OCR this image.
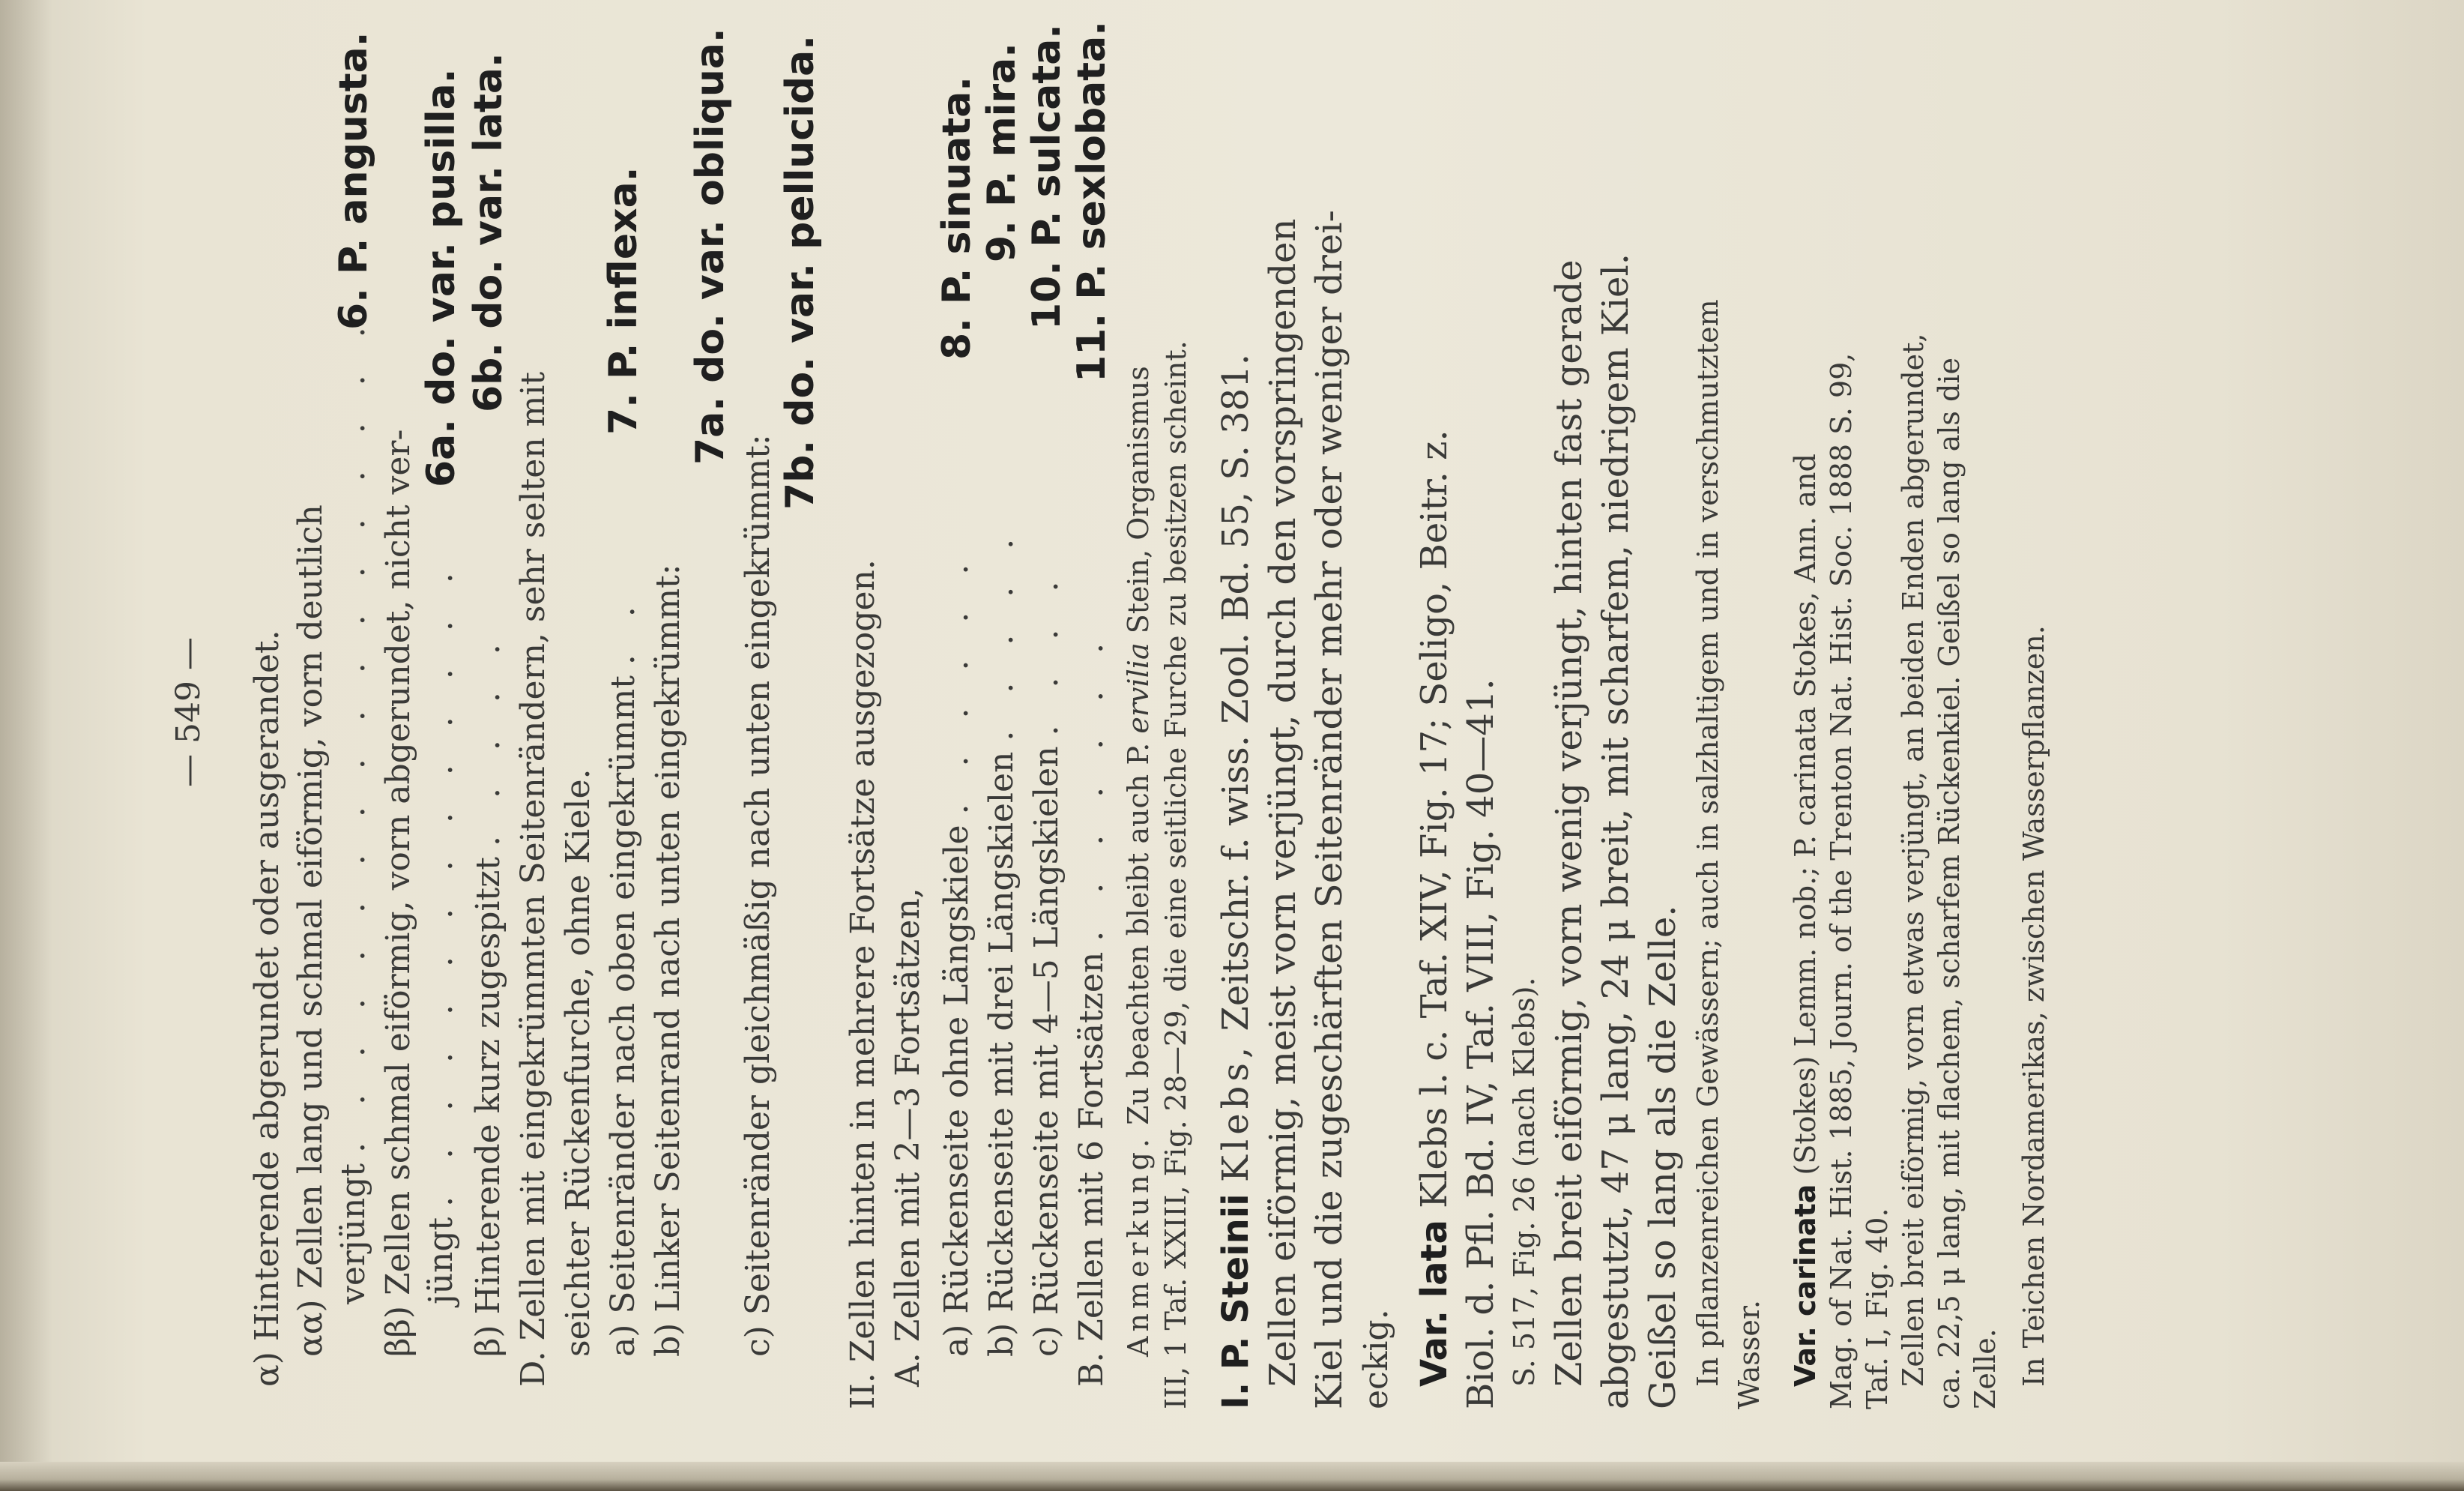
— 549 — α) Hinterende abgerundet oder ausgerandet. αα) Zellen lang und schmal eiförmig, vorn deutlich verjüngt . . . . . . . . . . . . . . . . . .
6. P. angusta.
ββ) Zellen schmal eiförmig, vorn abgerundet, nicht ver- jüngt . . . . . . . . . . . . . .
6a. do. var. pusilla.
β) Hinterende kurz zugespitzt . . . . .
6b. do. var. lata.
D. Zellen mit eingekrümmten Seitenrändern, sehr selten mit seichter Rückenfurche, ohne Kiele. a) Seitenränder nach oben eingekrümmt . .
7. P. inflexa.
b) Linker Seitenrand nach unten eingekrümmt:
7a. do. var. obliqua.
c) Seitenränder gleichmäßig nach unten eingekrümmt:
7b. do. var. pellucida.
II. Zellen hinten in mehrere Fortsätze ausgezogen. A. Zellen mit 2—3 Fortsätzen, a) Rückenseite ohne Längskiele . . . . . .
8. P. sinuata.
b) Rückenseite mit drei Längskielen . . . . .
9. P. mira.
c) Rückenseite mit 4—5 Längskielen . . . .
10. P. sulcata.
B. Zellen mit 6 Fortsätzen . . . . . . .
11. P. sexlobata.
Anmerkung. Zu beachten bleibt auch P. ervilia Stein, Organismus III, 1 Taf. XXIII, Fig. 28—29, die eine seitliche Furche zu besitzen scheint. I. P. Steinii Klebs, Zeitschr. f. wiss. Zool. Bd. 55, S. 381. Zellen eiförmig, meist vorn verjüngt, durch den vorspringenden Kiel und die zugeschärften Seitenränder mehr oder weniger drei- eckig. Var. lata Klebs l. c. Taf. XIV, Fig. 17; Seligo, Beitr. z. Biol. d. Pfl. Bd. IV, Taf. VIII, Fig. 40—41. S. 517, Fig. 26 (nach Klebs). Zellen breit eiförmig, vorn wenig verjüngt, hinten fast gerade abgestutzt, 47 μ lang, 24 μ breit, mit scharfem, niedrigem Kiel. Geißel so lang als die Zelle. In pflanzenreichen Gewässern; auch in salzhaltigem und in verschmutztem Wasser. Var. carinata (Stokes) Lemm. nob.; P. carinata Stokes, Ann. and Mag. of Nat. Hist. 1885, Journ. of the Trenton Nat. Hist. Soc. 1888 S. 99, Taf. I, Fig. 40. Zellen breit eiförmig, vorn etwas verjüngt, an beiden Enden abgerundet, ca. 22,5 μ lang, mit flachem, scharfem Rückenkiel. Geißel so lang als die Zelle. In Teichen Nordamerikas, zwischen Wasserpflanzen.
